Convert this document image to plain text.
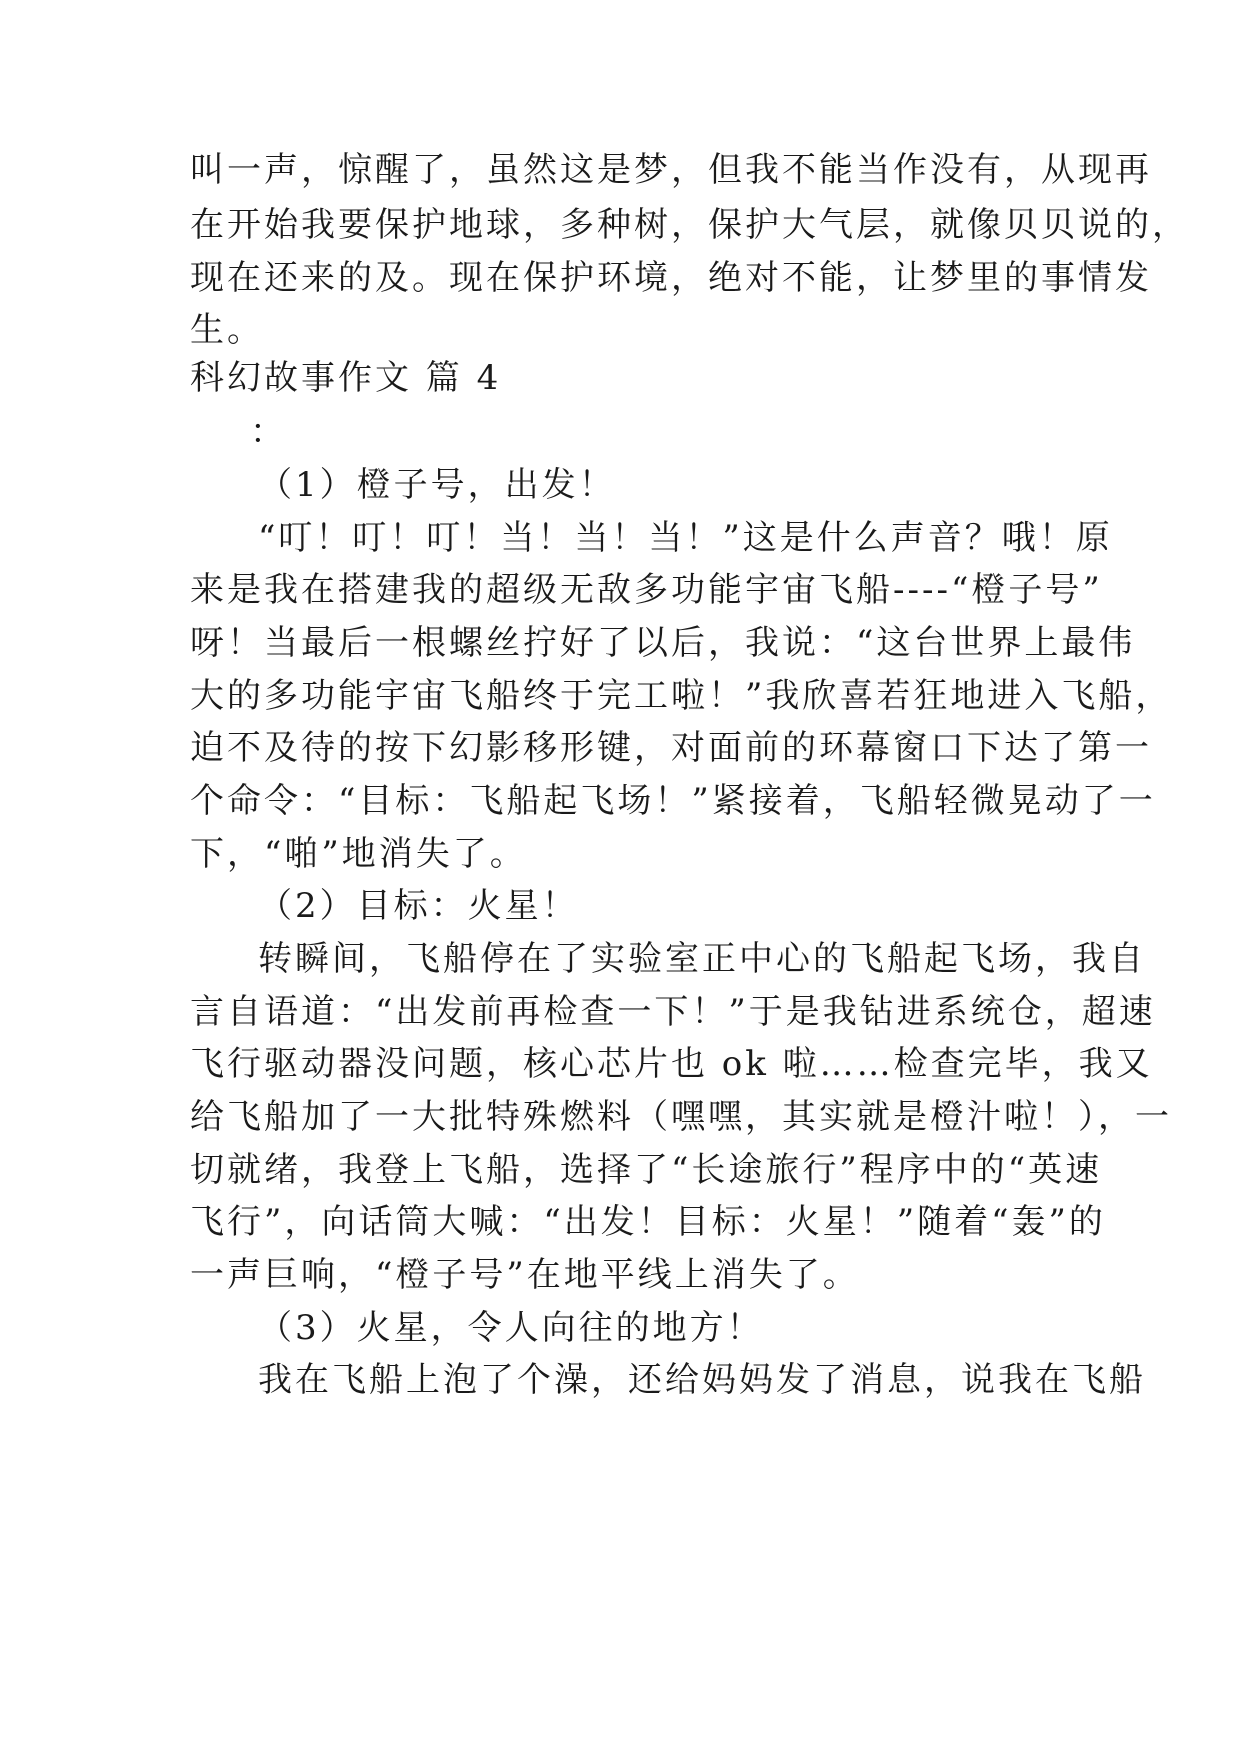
叫一声，惊醒了，虽然这是梦，但我不能当作没有，从现再
在开始我要保护地球，多种树，保护大气层，就像贝贝说的，
现在还来的及。现在保护环境，绝对不能，让梦里的事情发
生。
科幻故事作文 篇 4
：
（1）橙子号，出发！
“叮！叮！叮！当！当！当！”这是什么声音？哦！原
来是我在搭建我的超级无敌多功能宇宙飞船----“橙子号”
呀！当最后一根螺丝拧好了以后，我说：“这台世界上最伟
大的多功能宇宙飞船终于完工啦！”我欣喜若狂地进入飞船，
迫不及待的按下幻影移形键，对面前的环幕窗口下达了第一
个命令：“目标：飞船起飞场！”紧接着，飞船轻微晃动了一
下，“啪”地消失了。
（2）目标：火星！
转瞬间，飞船停在了实验室正中心的飞船起飞场，我自
言自语道：“出发前再检查一下！”于是我钻进系统仓，超速
飞行驱动器没问题，核心芯片也 ok 啦……检查完毕，我又
给飞船加了一大批特殊燃料（嘿嘿，其实就是橙汁啦！），一
切就绪，我登上飞船，选择了“长途旅行”程序中的“英速
飞行”，向话筒大喊：“出发！目标：火星！”随着“轰”的
一声巨响，“橙子号”在地平线上消失了。
（3）火星，令人向往的地方！
我在飞船上泡了个澡，还给妈妈发了消息，说我在飞船
